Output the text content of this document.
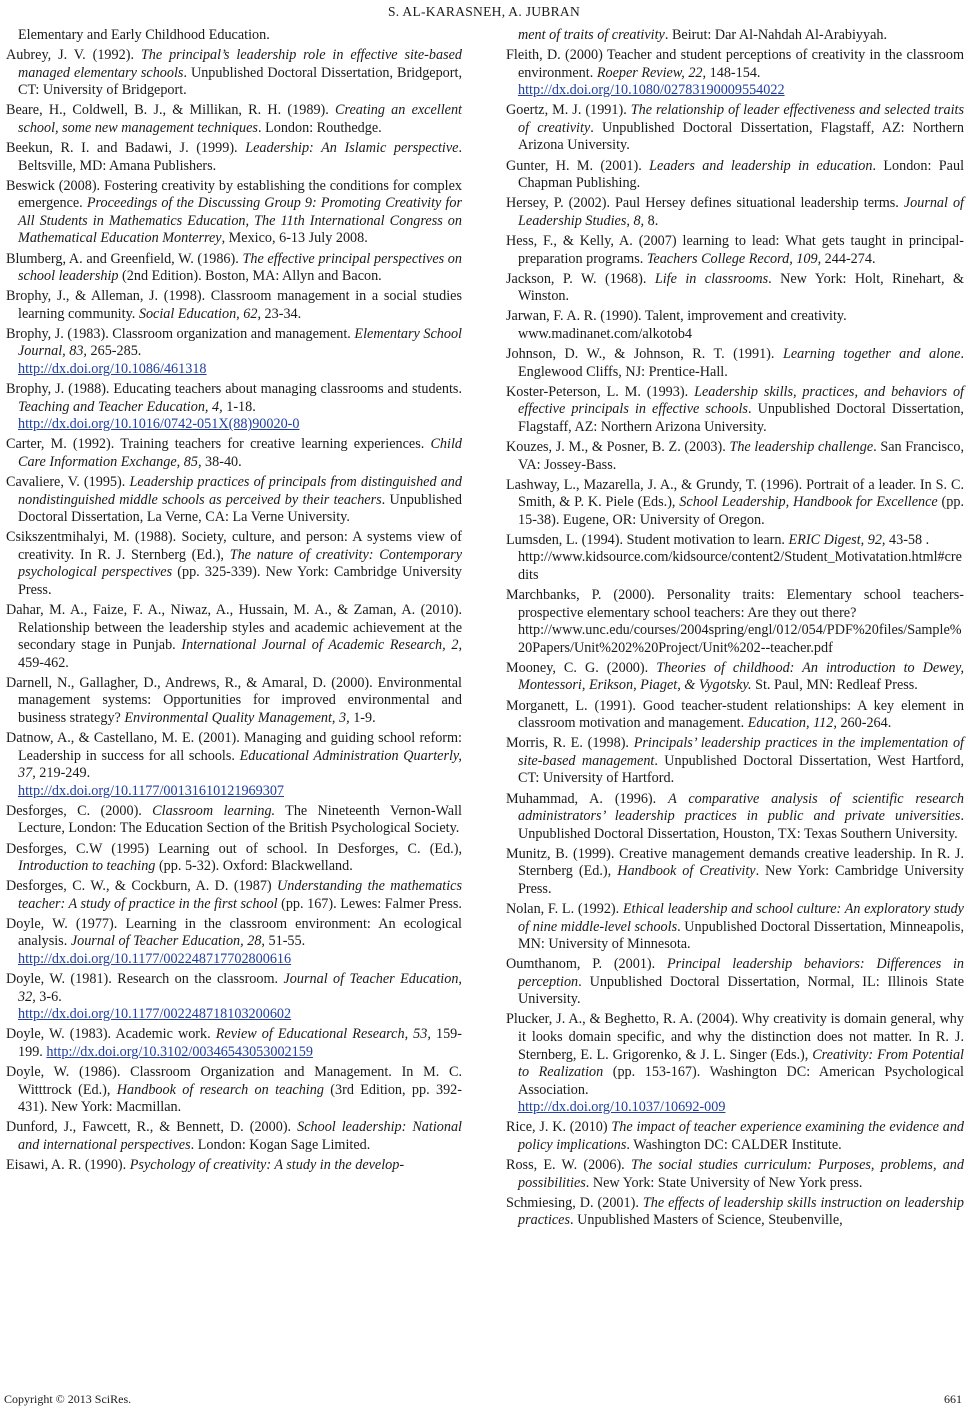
S. AL-KARASNEH, A. JUBRAN

Elementary and Early Childhood Education.

Aubrey, J. V. (1992). The principal’s leadership role in effective site-based managed elementary schools. Unpublished Doctoral Dissertation, Bridgeport, CT: University of Bridgeport.

Beare, H., Coldwell, B. J., & Millikan, R. H. (1989). Creating an excellent school, some new management techniques. London: Routhedge.

Beekun, R. I. and Badawi, J. (1999). Leadership: An Islamic perspective. Beltsville, MD: Amana Publishers.

Beswick (2008). Fostering creativity by establishing the conditions for complex emergence. Proceedings of the Discussing Group 9: Promoting Creativity for All Students in Mathematics Education, The 11th International Congress on Mathematical Education Monterrey, Mexico, 6-13 July 2008.

Blumberg, A. and Greenfield, W. (1986). The effective principal perspectives on school leadership (2nd Edition). Boston, MA: Allyn and Bacon.

Brophy, J., & Alleman, J. (1998). Classroom management in a social studies learning community. Social Education, 62, 23-34.

Brophy, J. (1983). Classroom organization and management. Elementary School Journal, 83, 265-285.
http://dx.doi.org/10.1086/461318

Brophy, J. (1988). Educating teachers about managing classrooms and students. Teaching and Teacher Education, 4, 1-18.
http://dx.doi.org/10.1016/0742-051X(88)90020-0

Carter, M. (1992). Training teachers for creative learning experiences. Child Care Information Exchange, 85, 38-40.

Cavaliere, V. (1995). Leadership practices of principals from distinguished and nondistinguished middle schools as perceived by their teachers. Unpublished Doctoral Dissertation, La Verne, CA: La Verne University.

Csikszentmihalyi, M. (1988). Society, culture, and person: A systems view of creativity. In R. J. Sternberg (Ed.), The nature of creativity: Contemporary psychological perspectives (pp. 325-339). New York: Cambridge University Press.

Dahar, M. A., Faize, F. A., Niwaz, A., Hussain, M. A., & Zaman, A. (2010). Relationship between the leadership styles and academic achievement at the secondary stage in Punjab. International Journal of Academic Research, 2, 459-462.

Darnell, N., Gallagher, D., Andrews, R., & Amaral, D. (2000). Environmental management systems: Opportunities for improved environmental and business strategy? Environmental Quality Management, 3, 1-9.

Datnow, A., & Castellano, M. E. (2001). Managing and guiding school reform: Leadership in success for all schools. Educational Administration Quarterly, 37, 219-249.
http://dx.doi.org/10.1177/00131610121969307

Desforges, C. (2000). Classroom learning. The Nineteenth Vernon-Wall Lecture, London: The Education Section of the British Psychological Society.

Desforges, C.W (1995) Learning out of school. In Desforges, C. (Ed.), Introduction to teaching (pp. 5-32). Oxford: Blackwelland.

Desforges, C. W., & Cockburn, A. D. (1987) Understanding the mathematics teacher: A study of practice in the first school (pp. 167). Lewes: Falmer Press.

Doyle, W. (1977). Learning in the classroom environment: An ecological analysis. Journal of Teacher Education, 28, 51-55.
http://dx.doi.org/10.1177/002248717702800616

Doyle, W. (1981). Research on the classroom. Journal of Teacher Education, 32, 3-6.
http://dx.doi.org/10.1177/002248718103200602

Doyle, W. (1983). Academic work. Review of Educational Research, 53, 159-199. http://dx.doi.org/10.3102/00346543053002159

Doyle, W. (1986). Classroom Organization and Management. In M. C. Witttrock (Ed.), Handbook of research on teaching (3rd Edition, pp. 392-431). New York: Macmillan.

Dunford, J., Fawcett, R., & Bennett, D. (2000). School leadership: National and international perspectives. London: Kogan Sage Limited.

Eisawi, A. R. (1990). Psychology of creativity: A study in the develop-

ment of traits of creativity. Beirut: Dar Al-Nahdah Al-Arabiyyah.

Fleith, D. (2000) Teacher and student perceptions of creativity in the classroom environment. Roeper Review, 22, 148-154.
http://dx.doi.org/10.1080/02783190009554022

Goertz, M. J. (1991). The relationship of leader effectiveness and selected traits of creativity. Unpublished Doctoral Dissertation, Flagstaff, AZ: Northern Arizona University.

Gunter, H. M. (2001). Leaders and leadership in education. London: Paul Chapman Publishing.

Hersey, P. (2002). Paul Hersey defines situational leadership terms. Journal of Leadership Studies, 8, 8.

Hess, F., & Kelly, A. (2007) learning to lead: What gets taught in principal-preparation programs. Teachers College Record, 109, 244-274.

Jackson, P. W. (1968). Life in classrooms. New York: Holt, Rinehart, & Winston.

Jarwan, F. A. R. (1990). Talent, improvement and creativity.
www.madinanet.com/alkotob4

Johnson, D. W., & Johnson, R. T. (1991). Learning together and alone. Englewood Cliffs, NJ: Prentice-Hall.

Koster-Peterson, L. M. (1993). Leadership skills, practices, and behaviors of effective principals in effective schools. Unpublished Doctoral Dissertation, Flagstaff, AZ: Northern Arizona University.

Kouzes, J. M., & Posner, B. Z. (2003). The leadership challenge. San Francisco, VA: Jossey-Bass.

Lashway, L., Mazarella, J. A., & Grundy, T. (1996). Portrait of a leader. In S. C. Smith, & P. K. Piele (Eds.), School Leadership, Handbook for Excellence (pp. 15-38). Eugene, OR: University of Oregon.

Lumsden, L. (1994). Student motivation to learn. ERIC Digest, 92, 43-58 .
http://www.kidsource.com/kidsource/content2/Student_Motivatation.html#credits

Marchbanks, P. (2000). Personality traits: Elementary school teachers-prospective elementary school teachers: Are they out there?
http://www.unc.edu/courses/2004spring/engl/012/054/PDF%20files/Sample%20Papers/Unit%202%20Project/Unit%202--teacher.pdf

Mooney, C. G. (2000). Theories of childhood: An introduction to Dewey, Montessori, Erikson, Piaget, & Vygotsky. St. Paul, MN: Redleaf Press.

Morganett, L. (1991). Good teacher-student relationships: A key element in classroom motivation and management. Education, 112, 260-264.

Morris, R. E. (1998). Principals’ leadership practices in the implementation of site-based management. Unpublished Doctoral Dissertation, West Hartford, CT: University of Hartford.

Muhammad, A. (1996). A comparative analysis of scientific research administrators’ leadership practices in public and private universities. Unpublished Doctoral Dissertation, Houston, TX: Texas Southern University.

Munitz, B. (1999). Creative management demands creative leadership. In R. J. Sternberg (Ed.), Handbook of Creativity. New York: Cambridge University Press.

Nolan, F. L. (1992). Ethical leadership and school culture: An exploratory study of nine middle-level schools. Unpublished Doctoral Dissertation, Minneapolis, MN: University of Minnesota.

Oumthanom, P. (2001). Principal leadership behaviors: Differences in perception. Unpublished Doctoral Dissertation, Normal, IL: Illinois State University.

Plucker, J. A., & Beghetto, R. A. (2004). Why creativity is domain general, why it looks domain specific, and why the distinction does not matter. In R. J. Sternberg, E. L. Grigorenko, & J. L. Singer (Eds.), Creativity: From Potential to Realization (pp. 153-167). Washington DC: American Psychological Association.
http://dx.doi.org/10.1037/10692-009

Rice, J. K. (2010) The impact of teacher experience examining the evidence and policy implications. Washington DC: CALDER Institute.

Ross, E. W. (2006). The social studies curriculum: Purposes, problems, and possibilities. New York: State University of New York press.

Schmiesing, D. (2001). The effects of leadership skills instruction on leadership practices. Unpublished Masters of Science, Steubenville,

Copyright © 2013 SciRes.	661
